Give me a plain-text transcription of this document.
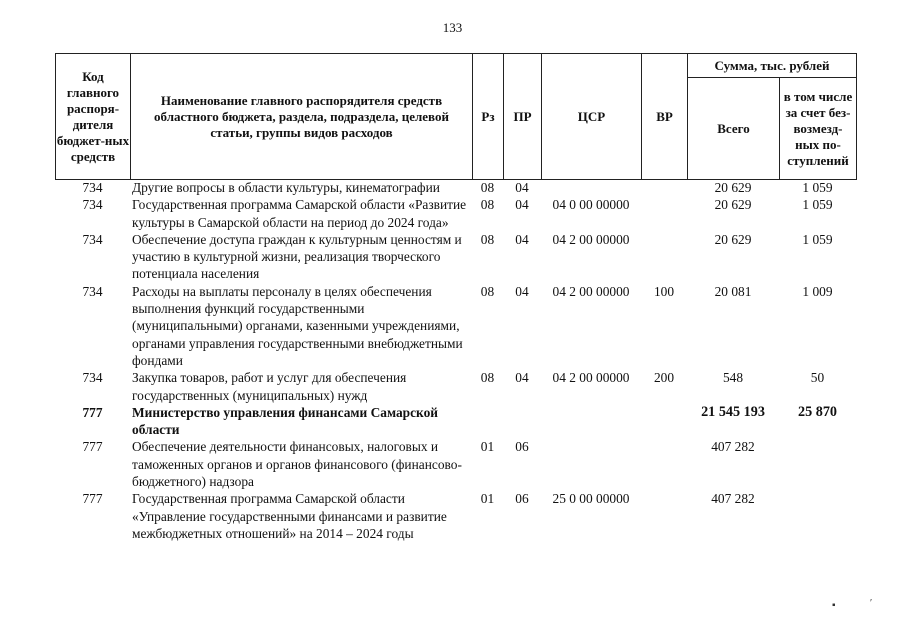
133
Код главного распоря-дителя бюджет-ных средств	Наименование главного распорядителя средств областного бюджета, раздела, подраздела, целевой статьи, группы видов расходов	Рз	ПР	ЦСР	ВР	Сумма, тыс. рублей	
						Всего	в том числе за счет без-возмезд-ных по-ступлений
734	Другие вопросы в области культуры, кинематографии	08	04			20 629	1 059
734	Государственная программа Самарской области «Развитие культуры в Самарской области на период до 2024 года»	08	04	04 0 00 00000		20 629	1 059
734	Обеспечение доступа граждан к культурным ценностям и участию в культурной жизни, реализация творческого потенциала населения	08	04	04 2 00 00000		20 629	1 059
734	Расходы на выплаты персоналу в целях обеспечения выполнения функций государственными (муниципальными) органами, казенными учреждениями, органами управления государственными внебюджетными фондами	08	04	04 2 00 00000	100	20 081	1 009
734	Закупка товаров, работ и услуг для обеспечения государственных (муниципальных) нужд	08	04	04 2 00 00000	200	548	50
777	Министерство управления финансами Самарской области					21 545 193	25 870
777	Обеспечение деятельности финансовых, налоговых и таможенных органов и органов финансового (финансово-бюджетного) надзора	01	06			407 282	
777	Государственная программа Самарской области «Управление государственными финансами и развитие межбюджетных отношений» на 2014 – 2024 годы	01	06	25 0 00 00000		407 282	
▪	′
